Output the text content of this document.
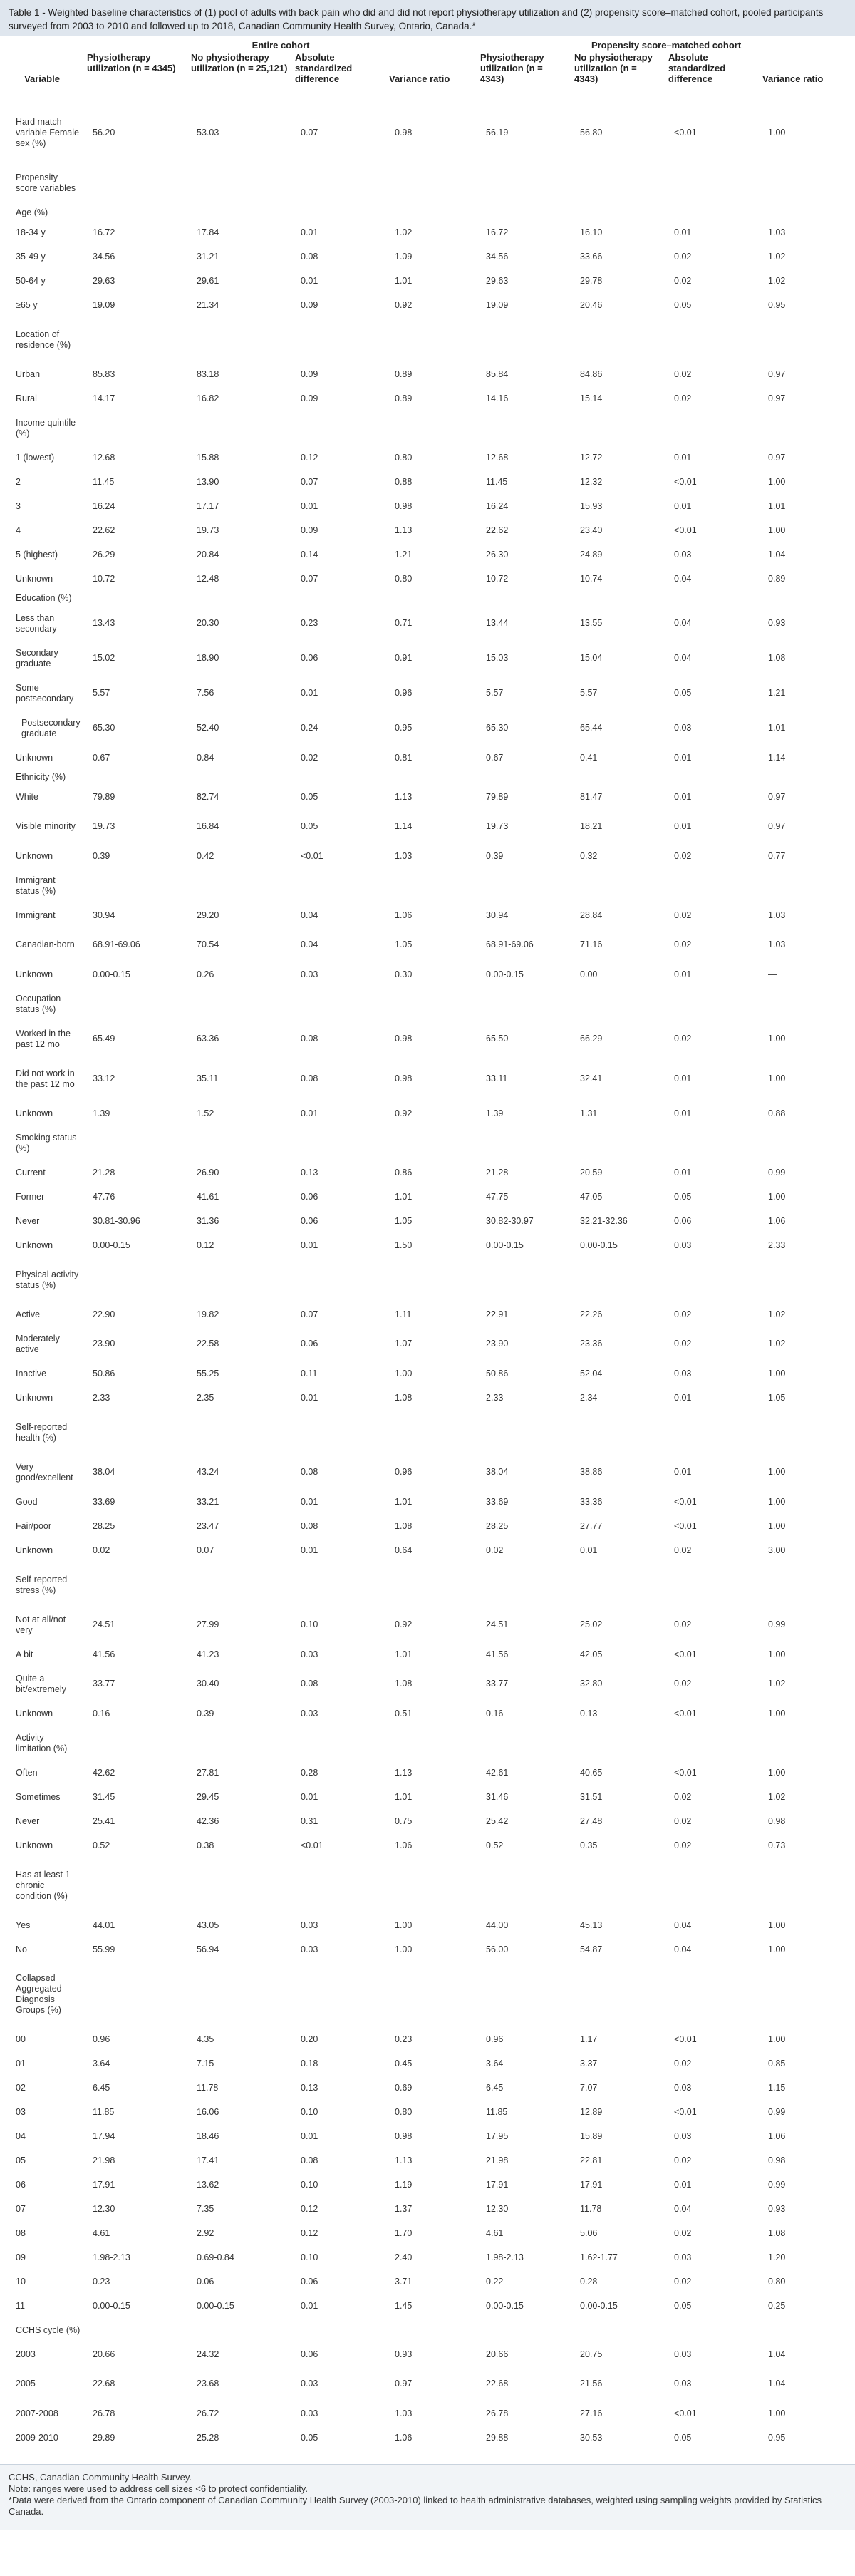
Table 1 - Weighted baseline characteristics of (1) pool of adults with back pain who did and did not report physiotherapy utilization and (2) propensity score–matched cohort, pooled participants surveyed from 2003 to 2010 and followed up to 2018, Canadian Community Health Survey, Ontario, Canada.*
	Entire cohort				Propensity score–matched cohort			
Variable	Physiotherapy utilization (n = 4345)	No physiotherapy utilization (n = 25,121)	Absolute standardized difference	Variance ratio	Physiotherapy utilization (n = 4343)	No physiotherapy utilization (n = 4343)	Absolute standardized difference	Variance ratio
Hard match variable Female sex (%)	56.20	53.03	0.07	0.98	56.19	56.80	<0.01	1.00
Propensity score variables								
Age (%)								
18-34 y	16.72	17.84	0.01	1.02	16.72	16.10	0.01	1.03
35-49 y	34.56	31.21	0.08	1.09	34.56	33.66	0.02	1.02
50-64 y	29.63	29.61	0.01	1.01	29.63	29.78	0.02	1.02
≥65 y	19.09	21.34	0.09	0.92	19.09	20.46	0.05	0.95
Location of residence (%)								
Urban	85.83	83.18	0.09	0.89	85.84	84.86	0.02	0.97
Rural	14.17	16.82	0.09	0.89	14.16	15.14	0.02	0.97
Income quintile (%)								
1 (lowest)	12.68	15.88	0.12	0.80	12.68	12.72	0.01	0.97
2	11.45	13.90	0.07	0.88	11.45	12.32	<0.01	1.00
3	16.24	17.17	0.01	0.98	16.24	15.93	0.01	1.01
4	22.62	19.73	0.09	1.13	22.62	23.40	<0.01	1.00
5 (highest)	26.29	20.84	0.14	1.21	26.30	24.89	0.03	1.04
Unknown	10.72	12.48	0.07	0.80	10.72	10.74	0.04	0.89
Education (%)								
Less than secondary	13.43	20.30	0.23	0.71	13.44	13.55	0.04	0.93
Secondary graduate	15.02	18.90	0.06	0.91	15.03	15.04	0.04	1.08
Some postsecondary	5.57	7.56	0.01	0.96	5.57	5.57	0.05	1.21
Postsecondary graduate	65.30	52.40	0.24	0.95	65.30	65.44	0.03	1.01
Unknown	0.67	0.84	0.02	0.81	0.67	0.41	0.01	1.14
Ethnicity (%)								
White	79.89	82.74	0.05	1.13	79.89	81.47	0.01	0.97
Visible minority	19.73	16.84	0.05	1.14	19.73	18.21	0.01	0.97
Unknown	0.39	0.42	<0.01	1.03	0.39	0.32	0.02	0.77
Immigrant status (%)								
Immigrant	30.94	29.20	0.04	1.06	30.94	28.84	0.02	1.03
Canadian-born	68.91-69.06	70.54	0.04	1.05	68.91-69.06	71.16	0.02	1.03
Unknown	0.00-0.15	0.26	0.03	0.30	0.00-0.15	0.00	0.01	—
Occupation status (%)								
Worked in the past 12 mo	65.49	63.36	0.08	0.98	65.50	66.29	0.02	1.00
Did not work in the past 12 mo	33.12	35.11	0.08	0.98	33.11	32.41	0.01	1.00
Unknown	1.39	1.52	0.01	0.92	1.39	1.31	0.01	0.88
Smoking status (%)								
Current	21.28	26.90	0.13	0.86	21.28	20.59	0.01	0.99
Former	47.76	41.61	0.06	1.01	47.75	47.05	0.05	1.00
Never	30.81-30.96	31.36	0.06	1.05	30.82-30.97	32.21-32.36	0.06	1.06
Unknown	0.00-0.15	0.12	0.01	1.50	0.00-0.15	0.00-0.15	0.03	2.33
Physical activity status (%)								
Active	22.90	19.82	0.07	1.11	22.91	22.26	0.02	1.02
Moderately active	23.90	22.58	0.06	1.07	23.90	23.36	0.02	1.02
Inactive	50.86	55.25	0.11	1.00	50.86	52.04	0.03	1.00
Unknown	2.33	2.35	0.01	1.08	2.33	2.34	0.01	1.05
Self-reported health (%)								
Very good/excellent	38.04	43.24	0.08	0.96	38.04	38.86	0.01	1.00
Good	33.69	33.21	0.01	1.01	33.69	33.36	<0.01	1.00
Fair/poor	28.25	23.47	0.08	1.08	28.25	27.77	<0.01	1.00
Unknown	0.02	0.07	0.01	0.64	0.02	0.01	0.02	3.00
Self-reported stress (%)								
Not at all/not very	24.51	27.99	0.10	0.92	24.51	25.02	0.02	0.99
A bit	41.56	41.23	0.03	1.01	41.56	42.05	<0.01	1.00
Quite a bit/extremely	33.77	30.40	0.08	1.08	33.77	32.80	0.02	1.02
Unknown	0.16	0.39	0.03	0.51	0.16	0.13	<0.01	1.00
Activity limitation (%)								
Often	42.62	27.81	0.28	1.13	42.61	40.65	<0.01	1.00
Sometimes	31.45	29.45	0.01	1.01	31.46	31.51	0.02	1.02
Never	25.41	42.36	0.31	0.75	25.42	27.48	0.02	0.98
Unknown	0.52	0.38	<0.01	1.06	0.52	0.35	0.02	0.73
Has at least 1 chronic condition (%)								
Yes	44.01	43.05	0.03	1.00	44.00	45.13	0.04	1.00
No	55.99	56.94	0.03	1.00	56.00	54.87	0.04	1.00
Collapsed Aggregated Diagnosis Groups (%)								
00	0.96	4.35	0.20	0.23	0.96	1.17	<0.01	1.00
01	3.64	7.15	0.18	0.45	3.64	3.37	0.02	0.85
02	6.45	11.78	0.13	0.69	6.45	7.07	0.03	1.15
03	11.85	16.06	0.10	0.80	11.85	12.89	<0.01	0.99
04	17.94	18.46	0.01	0.98	17.95	15.89	0.03	1.06
05	21.98	17.41	0.08	1.13	21.98	22.81	0.02	0.98
06	17.91	13.62	0.10	1.19	17.91	17.91	0.01	0.99
07	12.30	7.35	0.12	1.37	12.30	11.78	0.04	0.93
08	4.61	2.92	0.12	1.70	4.61	5.06	0.02	1.08
09	1.98-2.13	0.69-0.84	0.10	2.40	1.98-2.13	1.62-1.77	0.03	1.20
10	0.23	0.06	0.06	3.71	0.22	0.28	0.02	0.80
11	0.00-0.15	0.00-0.15	0.01	1.45	0.00-0.15	0.00-0.15	0.05	0.25
CCHS cycle (%)								
2003	20.66	24.32	0.06	0.93	20.66	20.75	0.03	1.04
2005	22.68	23.68	0.03	0.97	22.68	21.56	0.03	1.04
2007-2008	26.78	26.72	0.03	1.03	26.78	27.16	<0.01	1.00
2009-2010	29.89	25.28	0.05	1.06	29.88	30.53	0.05	0.95
CCHS, Canadian Community Health Survey.
Note: ranges were used to address cell sizes <6 to protect confidentiality.
*Data were derived from the Ontario component of Canadian Community Health Survey (2003-2010) linked to health administrative databases, weighted using sampling weights provided by Statistics Canada.
